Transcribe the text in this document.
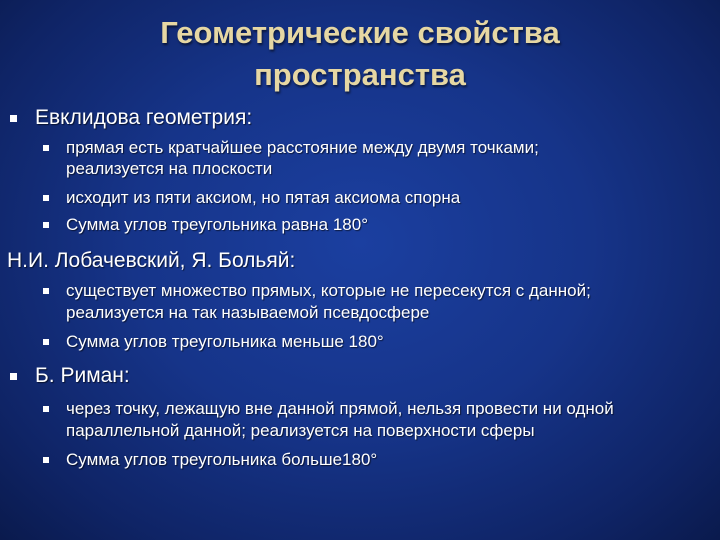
Геометрические свойства
пространства
Евклидова геометрия:
прямая есть кратчайшее расстояние между двумя точками;
реализуется на плоскости
исходит из пяти аксиом, но пятая аксиома спорна
Сумма углов треугольника равна 180°
Н.И. Лобачевский, Я. Больяй:
существует множество прямых, которые не пересекутся с данной;
реализуется на так называемой псевдосфере
Сумма углов треугольника меньше 180°
Б. Риман:
через точку, лежащую вне данной прямой, нельзя провести ни одной
параллельной данной; реализуется на поверхности сферы
Сумма углов треугольника больше180°
